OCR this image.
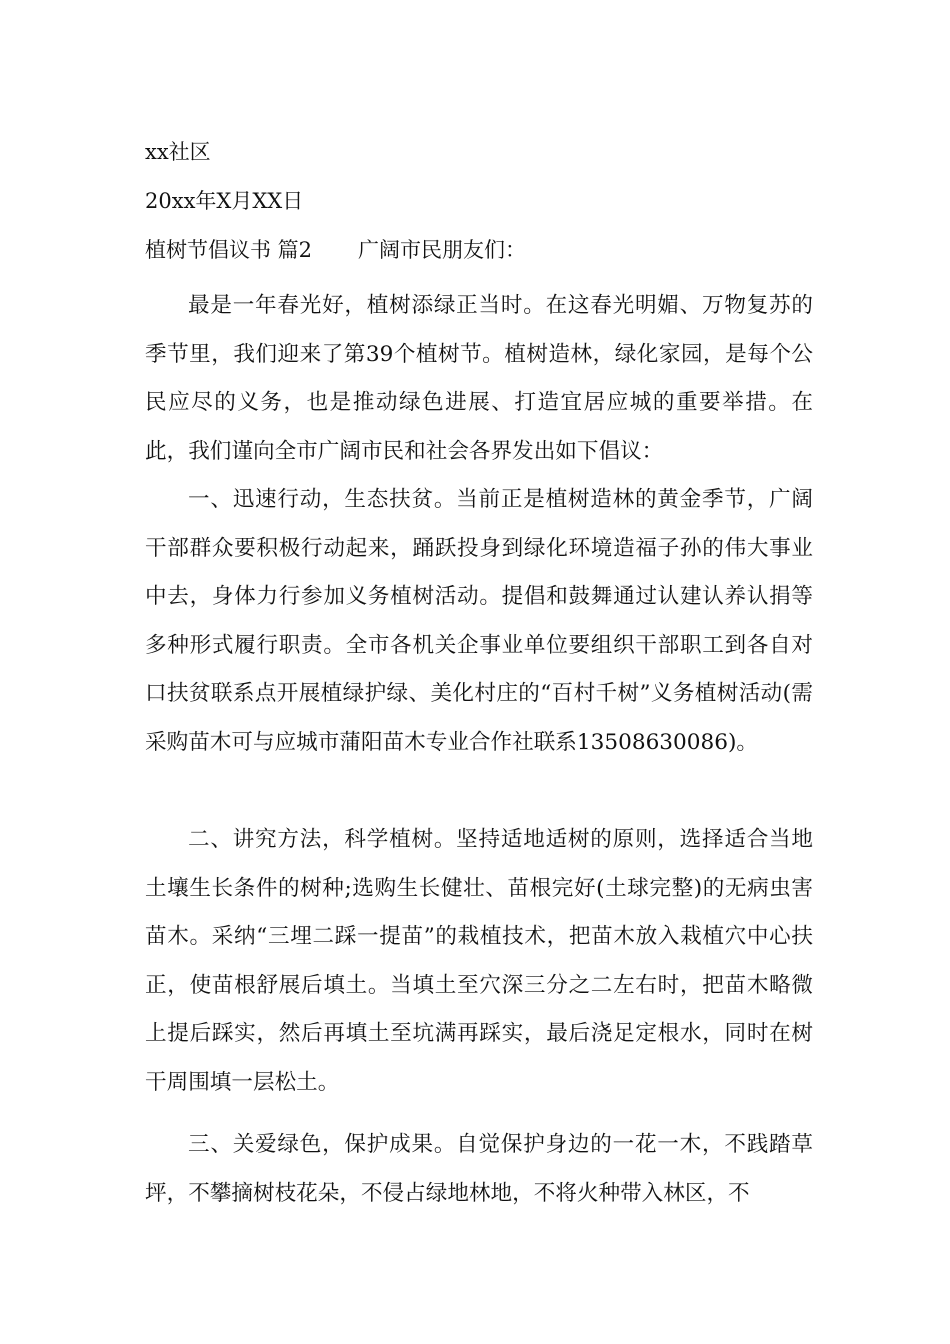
xx社区
20xx年X月XX日
植树节倡议书 篇2 广阔市民朋友们：

最是一年春光好，植树添绿正当时。在这春光明媚、万物复苏的季节里，我们迎来了第39个植树节。植树造林，绿化家园，是每个公民应尽的义务，也是推动绿色进展、打造宜居应城的重要举措。在此，我们谨向全市广阔市民和社会各界发出如下倡议：

一、迅速行动，生态扶贫。当前正是植树造林的黄金季节，广阔干部群众要积极行动起来，踊跃投身到绿化环境造福子孙的伟大事业中去，身体力行参加义务植树活动。提倡和鼓舞通过认建认养认捐等多种形式履行职责。全市各机关企事业单位要组织干部职工到各自对口扶贫联系点开展植绿护绿、美化村庄的“百村千树”义务植树活动(需采购苗木可与应城市蒲阳苗木专业合作社联系13508630086)。

二、讲究方法，科学植树。坚持适地适树的原则，选择适合当地土壤生长条件的树种;选购生长健壮、苗根完好(土球完整)的无病虫害苗木。采纳“三埋二踩一提苗”的栽植技术，把苗木放入栽植穴中心扶正，使苗根舒展后填土。当填土至穴深三分之二左右时，把苗木略微上提后踩实，然后再填土至坑满再踩实，最后浇足定根水，同时在树干周围填一层松土。

三、关爱绿色，保护成果。自觉保护身边的一花一木，不践踏草坪，不攀摘树枝花朵，不侵占绿地林地，不将火种带入林区，不
